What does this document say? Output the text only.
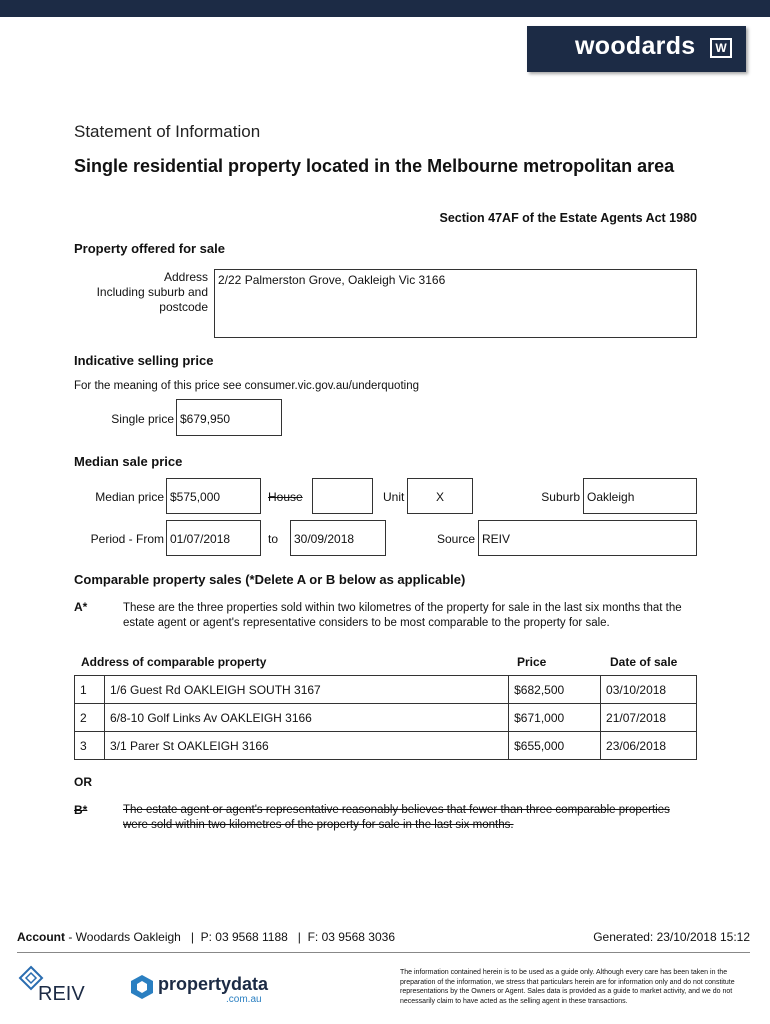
woodards	W
Statement of Information
Single residential property located in the Melbourne metropolitan area
Section 47AF of the Estate Agents Act 1980
Property offered for sale
Address
Including suburb and
postcode
2/22 Palmerston Grove, Oakleigh Vic 3166
Indicative selling price
For the meaning of this price see consumer.vic.gov.au/underquoting
Single price $679,950
Median sale price
Median price $575,000	House	Unit	X	Suburb Oakleigh
Period - From 01/07/2018	to	30/09/2018	Source REIV
Comparable property sales (*Delete A or B below as applicable)
A*	These are the three properties sold within two kilometres of the property for sale in the last six months that the estate agent or agent's representative considers to be most comparable to the property for sale.
Address of comparable property	Price	Date of sale
1	1/6 Guest Rd OAKLEIGH SOUTH 3167	$682,500	03/10/2018
2	6/8-10 Golf Links Av OAKLEIGH 3166	$671,000	21/07/2018
3	3/1 Parer St OAKLEIGH 3166	$655,000	23/06/2018
OR
B*	The estate agent or agent's representative reasonably believes that fewer than three comparable properties were sold within two kilometres of the property for sale in the last six months.
Account - Woodards Oakleigh   |  P: 03 9568 1188   |  F: 03 9568 3036	Generated: 23/10/2018 15:12
REIV	propertydata
.com.au
The information contained herein is to be used as a guide only. Although every care has been taken in the preparation of the information, we stress that particulars herein are for information only and do not constitute representations by the Owners or Agent. Sales data is provided as a guide to market activity, and we do not necessarily claim to have acted as the selling agent in these transactions.
